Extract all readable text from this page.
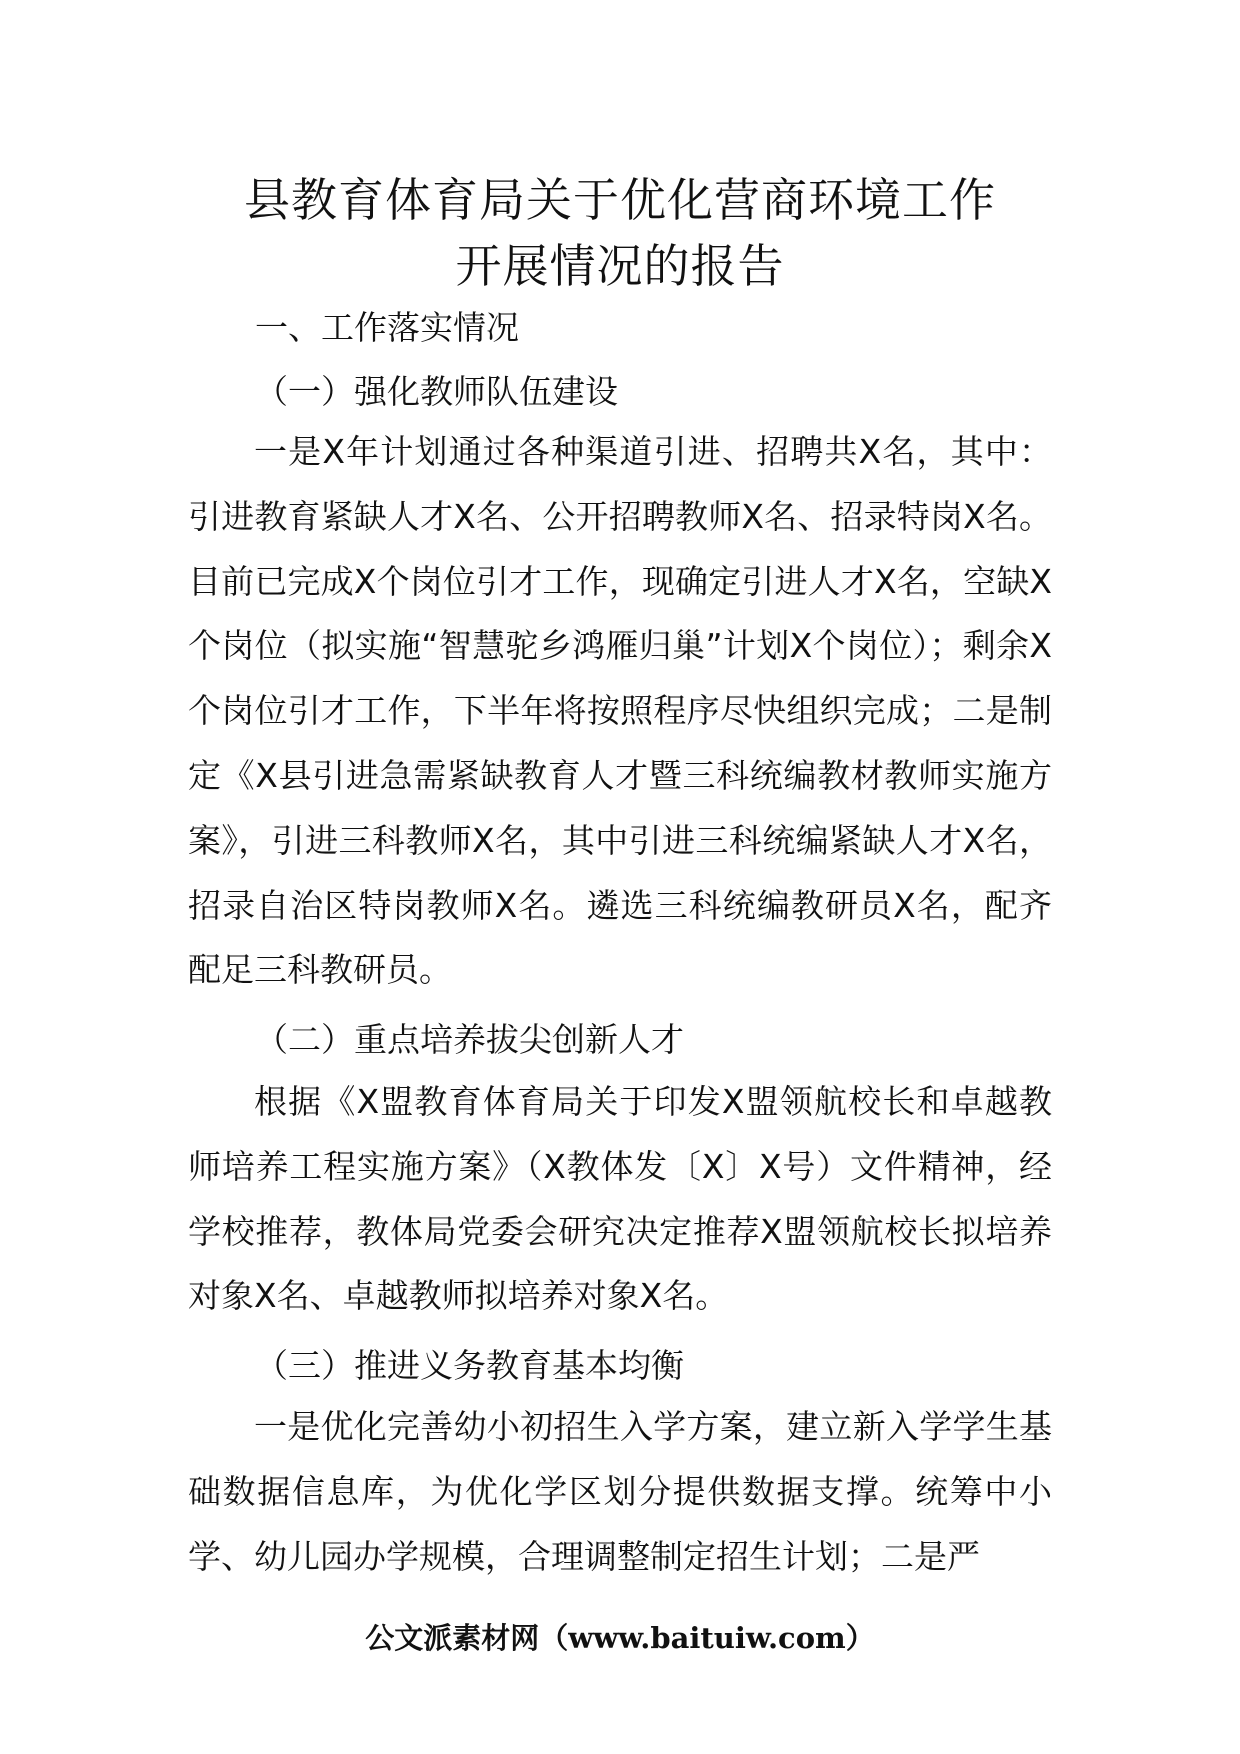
县教育体育局关于优化营商环境工作
开展情况的报告
一、工作落实情况
（一）强化教师队伍建设

一是X年计划通过各种渠道引进、招聘共X名，其中：引进教育紧缺人才X名、公开招聘教师X名、招录特岗X名。目前已完成X个岗位引才工作，现确定引进人才X名，空缺X个岗位（拟实施“智慧驼乡鸿雁归巢”计划X个岗位）；剩余X个岗位引才工作，下半年将按照程序尽快组织完成；二是制定《X县引进急需紧缺教育人才暨三科统编教材教师实施方案》，引进三科教师X名，其中引进三科统编紧缺人才X名，招录自治区特岗教师X名。遴选三科统编教研员X名，配齐配足三科教研员。

（二）重点培养拔尖创新人才

根据《X盟教育体育局关于印发X盟领航校长和卓越教师培养工程实施方案》（X教体发〔X〕X号）文件精神，经学校推荐，教体局党委会研究决定推荐X盟领航校长拟培养对象X名、卓越教师拟培养对象X名。

（三）推进义务教育基本均衡

一是优化完善幼小初招生入学方案，建立新入学学生基础数据信息库，为优化学区划分提供数据支撑。统筹中小学、幼儿园办学规模，合理调整制定招生计划；二是严

公文派素材网（www.baituiw.com）
